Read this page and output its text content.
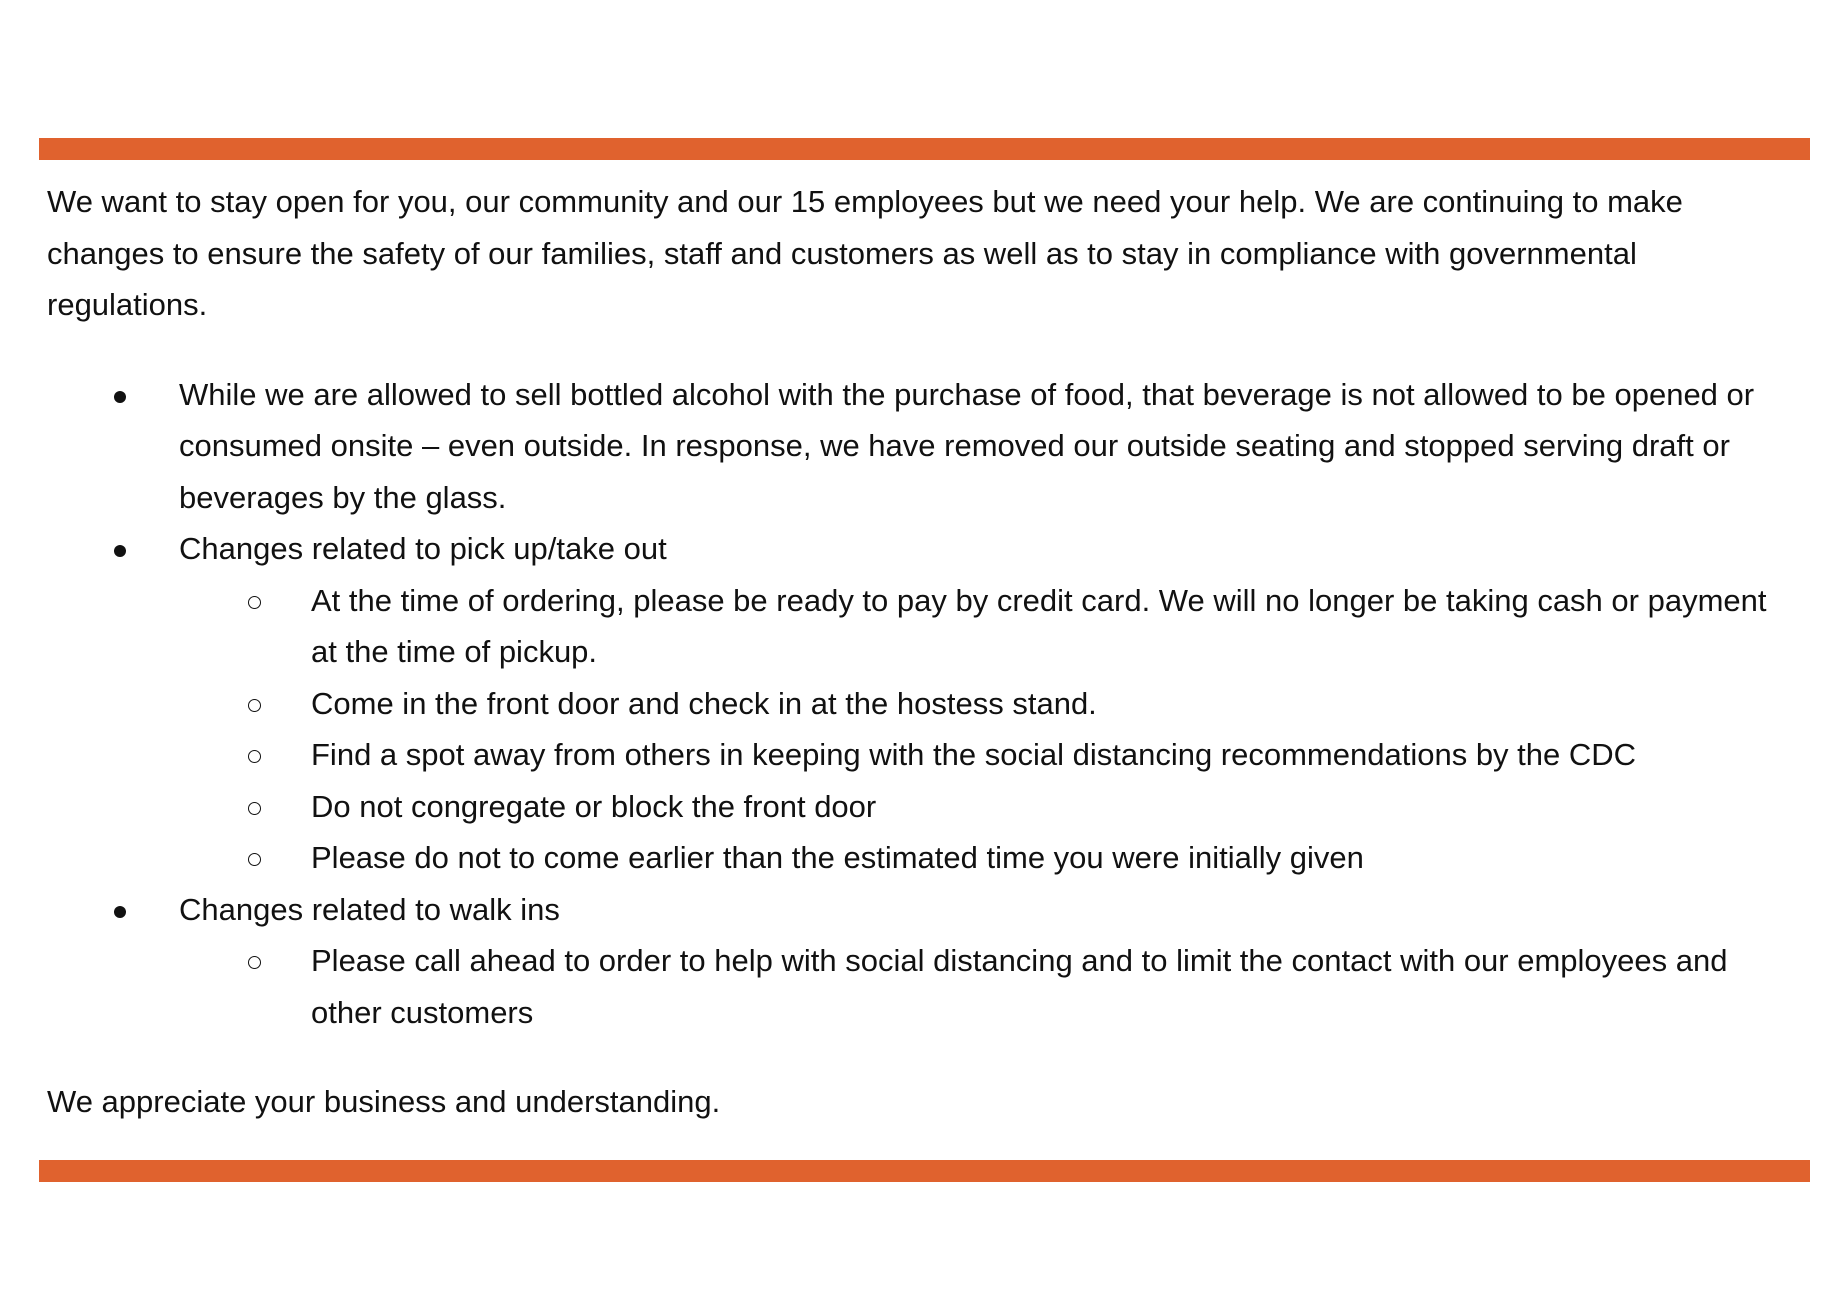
We want to stay open for you, our community and our 15 employees but we need your help. We are continuing to make changes to ensure the safety of our families, staff and customers as well as to stay in compliance with governmental regulations.

While we are allowed to sell bottled alcohol with the purchase of food, that beverage is not allowed to be opened or consumed onsite – even outside. In response, we have removed our outside seating and stopped serving draft or beverages by the glass.
Changes related to pick up/take out
At the time of ordering, please be ready to pay by credit card. We will no longer be taking cash or payment at the time of pickup.
Come in the front door and check in at the hostess stand.
Find a spot away from others in keeping with the social distancing recommendations by the CDC
Do not congregate or block the front door
Please do not to come earlier than the estimated time you were initially given
Changes related to walk ins
Please call ahead to order to help with social distancing and to limit the contact with our employees and other customers

We appreciate your business and understanding.
